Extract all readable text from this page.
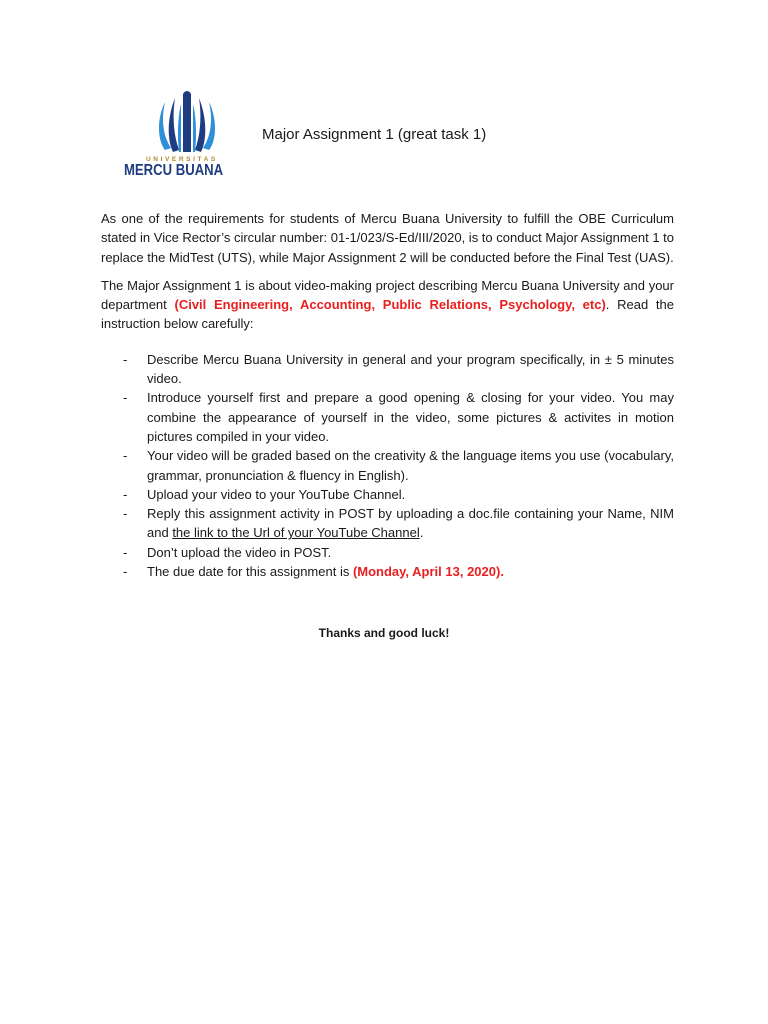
UNIVERSITAS
MERCU BUANA
Major Assignment 1 (great task 1)

As one of the requirements for students of Mercu Buana University to fulfill the OBE Curriculum stated in Vice Rector’s circular number: 01-1/023/S-Ed/III/2020, is to conduct Major Assignment 1 to replace the MidTest (UTS), while Major Assignment 2 will be conducted before the Final Test (UAS).

The Major Assignment 1 is about video-making project describing Mercu Buana University and your department (Civil Engineering, Accounting, Public Relations, Psychology, etc). Read the instruction below carefully:

- Describe Mercu Buana University in general and your program specifically, in ± 5 minutes video.
- Introduce yourself first and prepare a good opening & closing for your video. You may combine the appearance of yourself in the video, some pictures & activites in motion pictures compiled in your video.
- Your video will be graded based on the creativity & the language items you use (vocabulary, grammar, pronunciation & fluency in English).
- Upload your video to your YouTube Channel.
- Reply this assignment activity in POST by uploading a doc.file containing your Name, NIM and the link to the Url of your YouTube Channel.
- Don’t upload the video in POST.
- The due date for this assignment is (Monday, April 13, 2020).
Thanks and good luck!
